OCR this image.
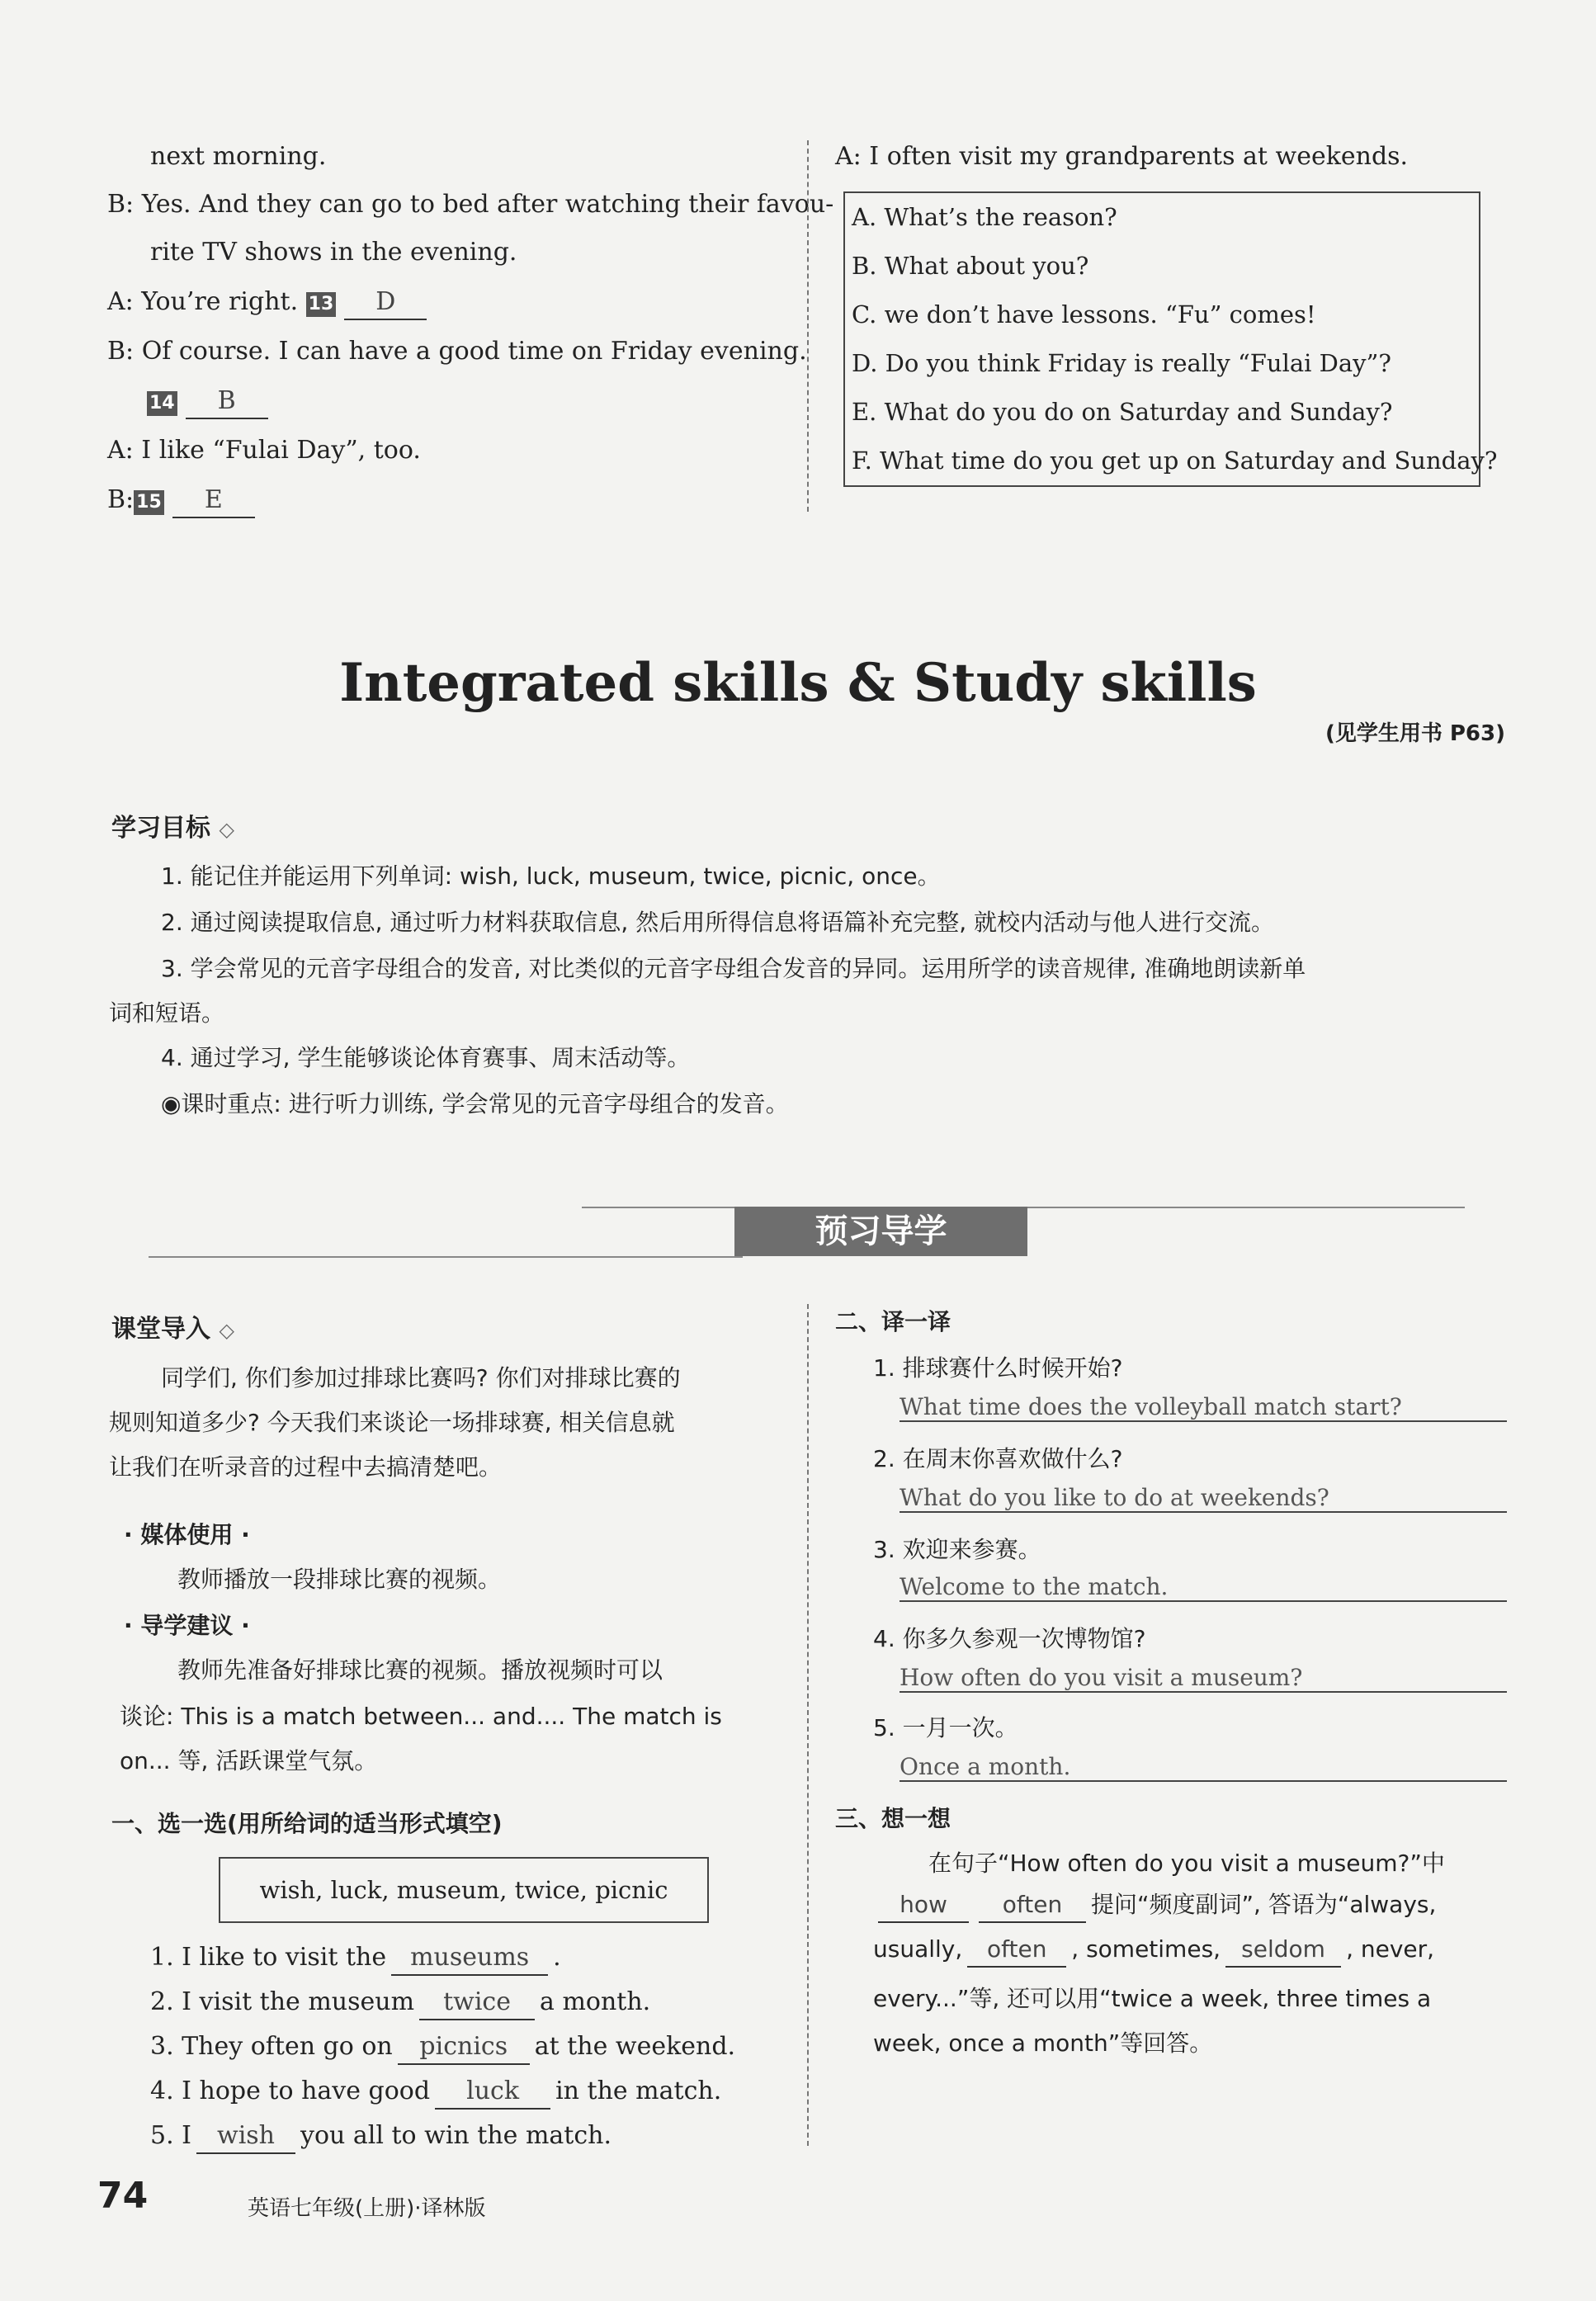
next morning.
B: Yes. And they can go to bed after watching their favou-
rite TV shows in the evening.
A: You’re right. 13 D
B: Of course. I can have a good time on Friday evening.
14 B
A: I like “Fulai Day”, too.
B: 15 E
A: I often visit my grandparents at weekends.
A. What’s the reason?
B. What about you?
C. we don’t have lessons. “Fu” comes!
D. Do you think Friday is really “Fulai Day”?
E. What do you do on Saturday and Sunday?
F. What time do you get up on Saturday and Sunday?
Integrated skills & Study skills
(见学生用书 P63)
学习目标 ◇
1. 能记住并能运用下列单词: wish, luck, museum, twice, picnic, once。
2. 通过阅读提取信息, 通过听力材料获取信息, 然后用所得信息将语篇补充完整, 就校内活动与他人进行交流。
3. 学会常见的元音字母组合的发音, 对比类似的元音字母组合发音的异同。运用所学的读音规律, 准确地朗读新单
词和短语。
4. 通过学习, 学生能够谈论体育赛事、周末活动等。
◉课时重点: 进行听力训练, 学会常见的元音字母组合的发音。
预习导学
课堂导入 ◇
同学们, 你们参加过排球比赛吗? 你们对排球比赛的
规则知道多少? 今天我们来谈论一场排球赛, 相关信息就
让我们在听录音的过程中去搞清楚吧。
· 媒体使用 ·
教师播放一段排球比赛的视频。
· 导学建议 ·
教师先准备好排球比赛的视频。播放视频时可以
谈论: This is a match between... and.... The match is
on... 等, 活跃课堂气氛。
一、选一选(用所给词的适当形式填空)
wish, luck, museum, twice, picnic
1. I like to visit the museums .
2. I visit the museum twice a month.
3. They often go on picnics at the weekend.
4. I hope to have good luck in the match.
5. I wish you all to win the match.
二、译一译
1. 排球赛什么时候开始?
What time does the volleyball match start?
2. 在周末你喜欢做什么?
What do you like to do at weekends?
3. 欢迎来参赛。
Welcome to the match.
4. 你多久参观一次博物馆?
How often do you visit a museum?
5. 一月一次。
Once a month.
三、想一想
在句子“How often do you visit a museum?”中
how often 提问“频度副词”, 答语为“always,
usually, often , sometimes, seldom , never,
every...”等, 还可以用“twice a week, three times a
week, once a month”等回答。
74	英语七年级(上册)·译林版
